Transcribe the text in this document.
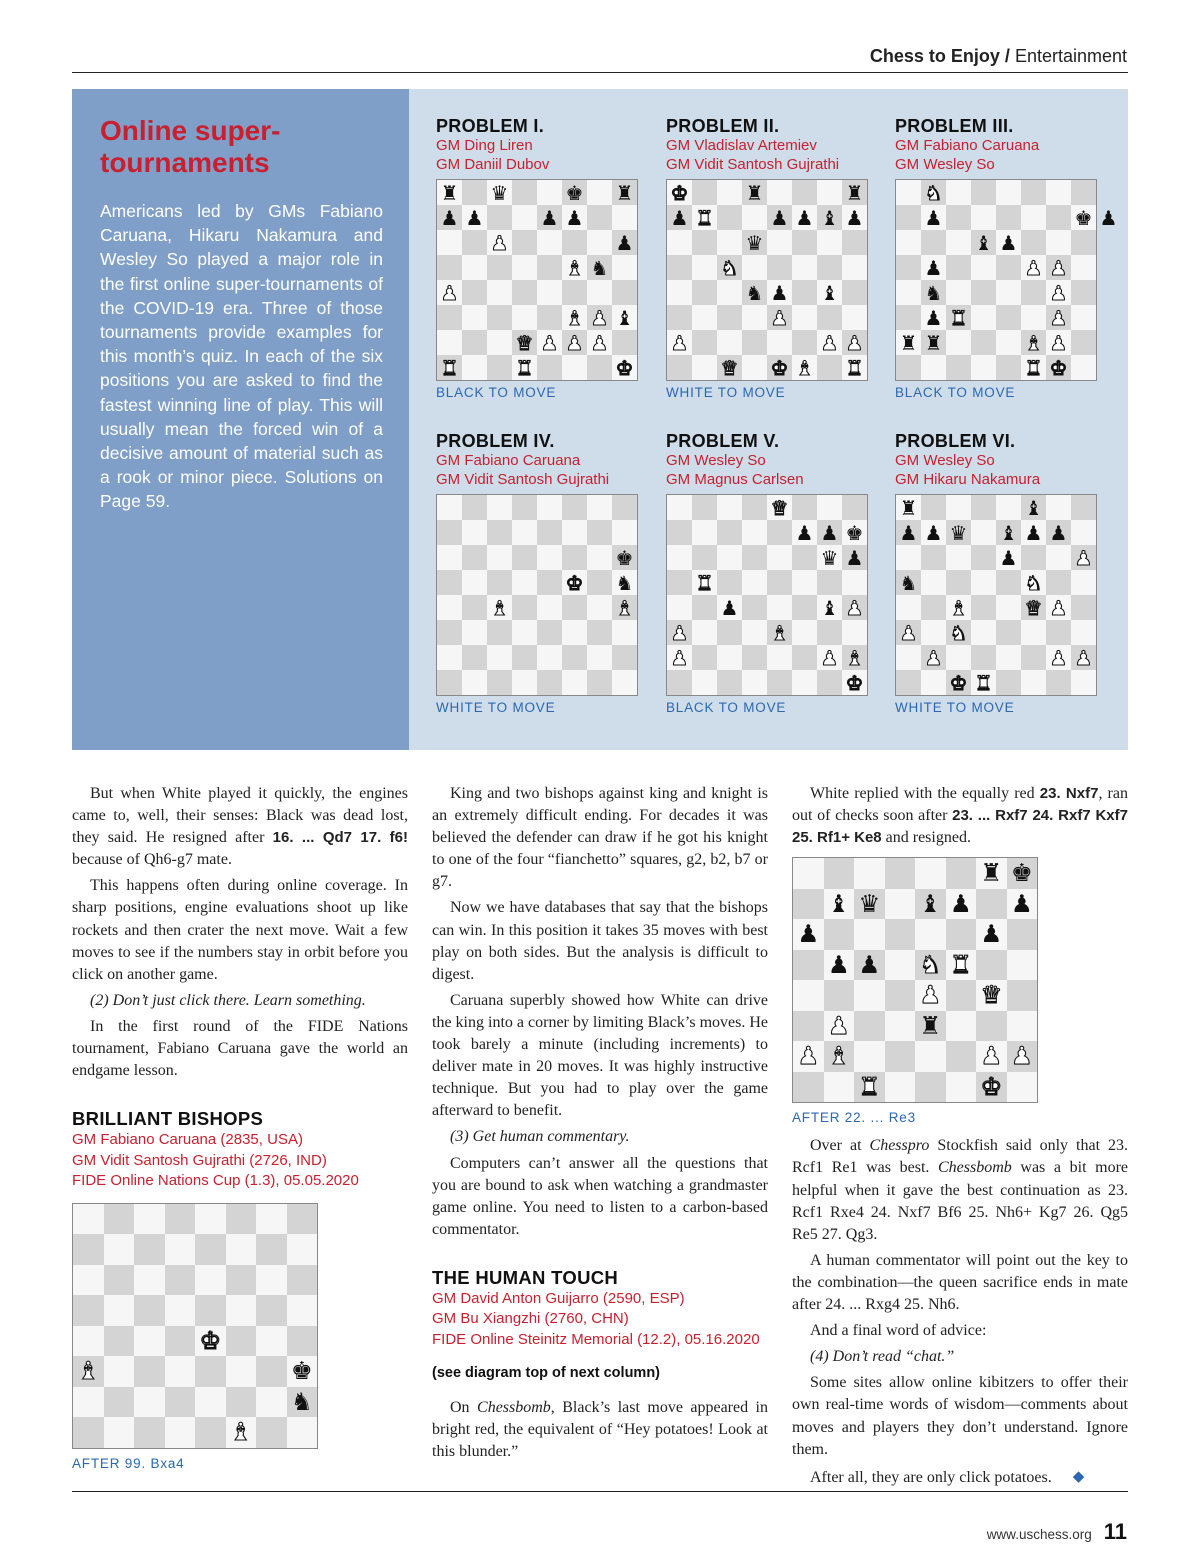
Chess to Enjoy / Entertainment
Online super-tournaments
Americans led by GMs Fabiano Caruana, Hikaru Nakamura and Wesley So played a major role in the first online super-tournaments of the COVID-19 era. Three of those tournaments provide examples for this month’s quiz. In each of the six positions you are asked to find the fastest winning line of play. This will usually mean the forced win of a decisive amount of material such as a rook or minor piece. Solutions on Page 59.
PROBLEM I.
GM Ding Liren
GM Daniil Dubov
♜ ♛	♚ ♜
♟ ♟	♟ ♟
♟	♟
♝ ♞
♟
♝ ♟ ♝
♛ ♟ ♟ ♟
♜	♜	♚
BLACK TO MOVE
PROBLEM II.
GM Vladislav Artemiev
GM Vidit Santosh Gujrathi
♚	♜	♜
♟ ♜	♟ ♟ ♝ ♟
♛
♞
♞ ♟ ♝
♟
♟	♟ ♟
♛ ♚ ♝ ♜
WHITE TO MOVE
PROBLEM III.
GM Fabiano Caruana
GM Wesley So
♞
♟	♚ ♟
♝ ♟
♟	♟ ♟
♞	♟
♟ ♜	♟
♜ ♜	♝ ♟
♜ ♚
BLACK TO MOVE
PROBLEM IV.
GM Fabiano Caruana
GM Vidit Santosh Gujrathi
♚
♚ ♞
♝	♝
WHITE TO MOVE
PROBLEM V.
GM Wesley So
GM Magnus Carlsen
♛
♟ ♟ ♚
♛ ♟
♜
♟	♝ ♟
♟	♝
♟	♟ ♝
♚
BLACK TO MOVE
PROBLEM VI.
GM Wesley So
GM Hikaru Nakamura
♜	♝
♟ ♟ ♛ ♝ ♟ ♟
♟	♟
♞	♞
♝	♛ ♟
♟ ♞
♟	♟ ♟
♚ ♜
WHITE TO MOVE

But when White played it quickly, the engines came to, well, their senses: Black was dead lost, they said. He resigned after 16. ... Qd7 17. f6! because of Qh6-g7 mate.

This happens often during online coverage. In sharp positions, engine evaluations shoot up like rockets and then crater the next move. Wait a few moves to see if the numbers stay in orbit before you click on another game.

(2) Don’t just click there. Learn something.

In the first round of the FIDE Nations tournament, Fabiano Caruana gave the world an endgame lesson.

BRILLIANT BISHOPS
GM Fabiano Caruana (2835, USA)
GM Vidit Santosh Gujrathi (2726, IND)
FIDE Online Nations Cup (1.3), 05.05.2020
♚
♝	♚
♞
♝
AFTER 99. Bxa4

King and two bishops against king and knight is an extremely difficult ending. For decades it was believed the defender can draw if he got his knight to one of the four “fianchetto” squares, g2, b2, b7 or g7.

Now we have databases that say that the bishops can win. In this position it takes 35 moves with best play on both sides. But the analysis is difficult to digest.

Caruana superbly showed how White can drive the king into a corner by limiting Black’s moves. He took barely a minute (including increments) to deliver mate in 20 moves. It was highly instructive technique. But you had to play over the game afterward to benefit.

(3) Get human commentary.

Computers can’t answer all the questions that you are bound to ask when watching a grandmaster game online. You need to listen to a carbon-based commentator.

THE HUMAN TOUCH
GM David Anton Guijarro (2590, ESP)
GM Bu Xiangzhi (2760, CHN)
FIDE Online Steinitz Memorial (12.2), 05.16.2020
(see diagram top of next column)

On Chessbomb, Black’s last move appeared in bright red, the equivalent of “Hey potatoes! Look at this blunder.”

White replied with the equally red 23. Nxf7, ran out of checks soon after 23. ... Rxf7 24. Rxf7 Kxf7 25. Rf1+ Ke8 and resigned.

♜ ♚
♝ ♛ ♝ ♟ ♟
♟	♟
♟ ♟ ♞ ♜
♟ ♛
♟	♜
♟ ♝	♟ ♟
♜	♚
AFTER 22. ... Re3

Over at Chesspro Stockfish said only that 23. Rcf1 Re1 was best. Chessbomb was a bit more helpful when it gave the best continuation as 23. Rcf1 Rxe4 24. Nxf7 Bf6 25. Nh6+ Kg7 26. Qg5 Re5 27. Qg3.

A human commentator will point out the key to the combination—the queen sacrifice ends in mate after 24. ... Rxg4 25. Nh6.

And a final word of advice:

(4) Don’t read “chat.”

Some sites allow online kibitzers to offer their own real-time words of wisdom—comments about moves and players they don’t understand. Ignore them.

After all, they are only click potatoes. ◆

www.uschess.org 11
